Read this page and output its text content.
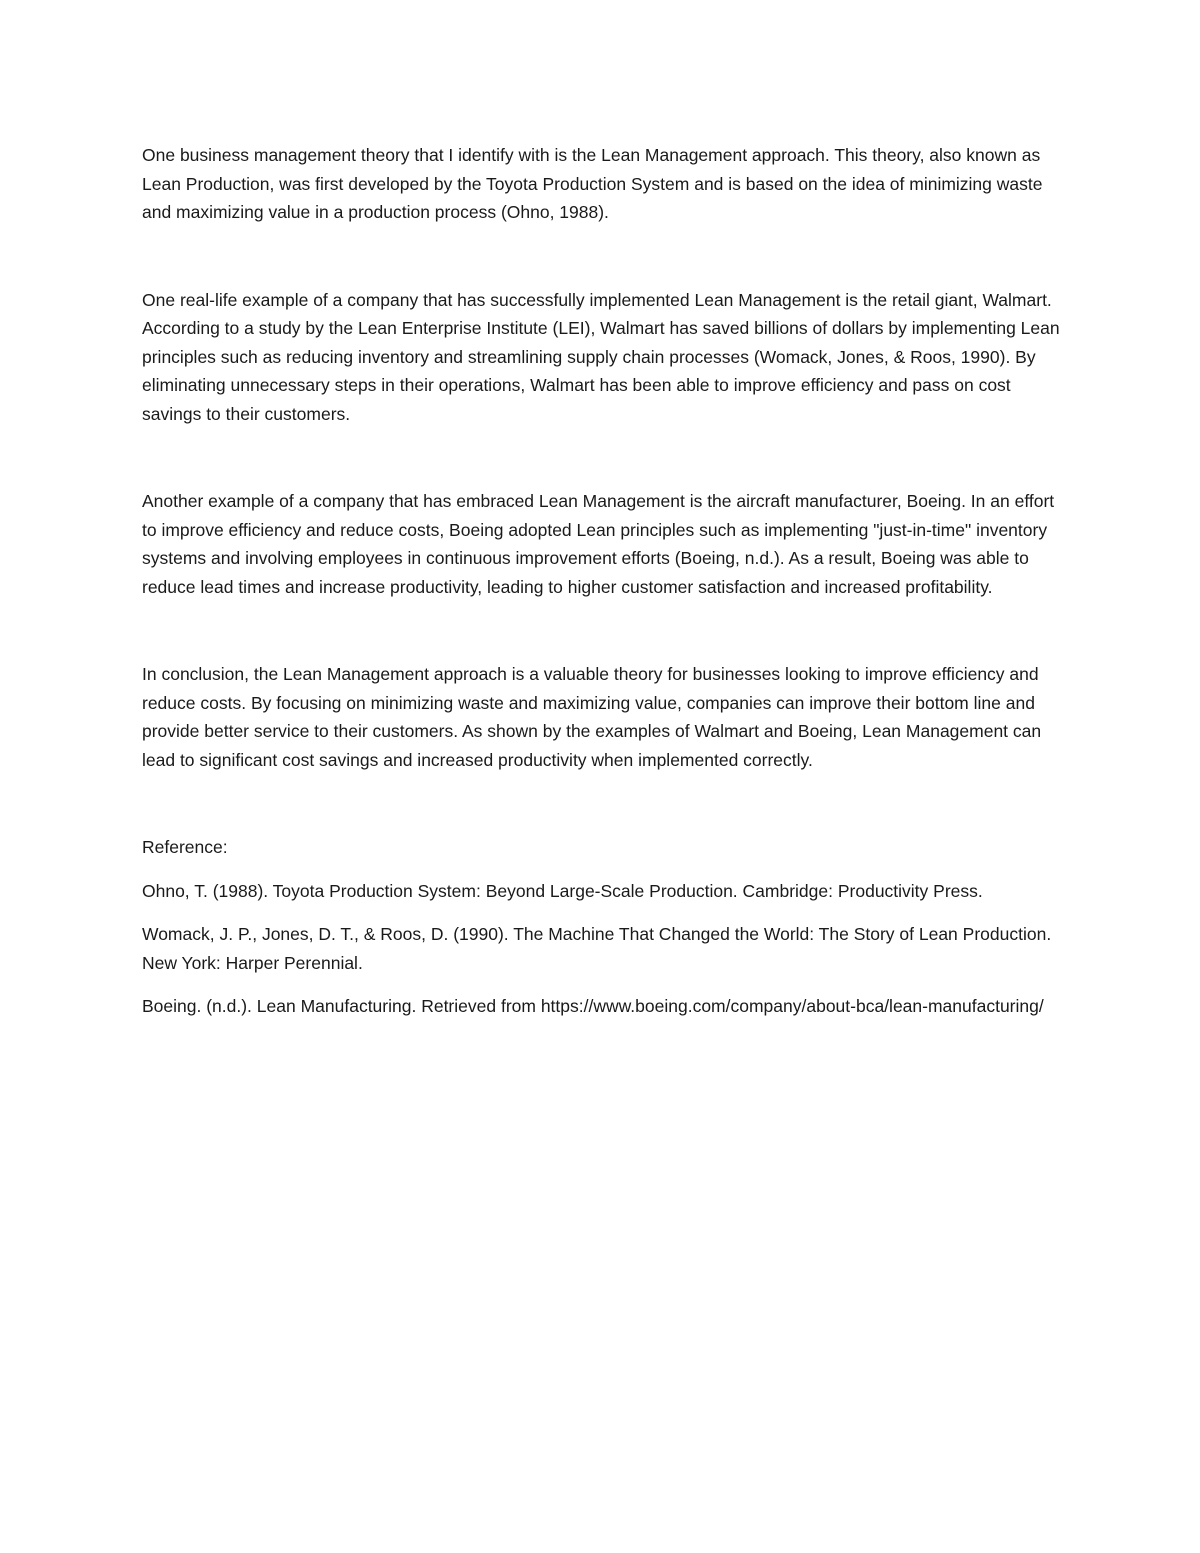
One business management theory that I identify with is the Lean Management approach. This theory, also known as Lean Production, was first developed by the Toyota Production System and is based on the idea of minimizing waste and maximizing value in a production process (Ohno, 1988).

One real-life example of a company that has successfully implemented Lean Management is the retail giant, Walmart. According to a study by the Lean Enterprise Institute (LEI), Walmart has saved billions of dollars by implementing Lean principles such as reducing inventory and streamlining supply chain processes (Womack, Jones, & Roos, 1990). By eliminating unnecessary steps in their operations, Walmart has been able to improve efficiency and pass on cost savings to their customers.

Another example of a company that has embraced Lean Management is the aircraft manufacturer, Boeing. In an effort to improve efficiency and reduce costs, Boeing adopted Lean principles such as implementing "just-in-time" inventory systems and involving employees in continuous improvement efforts (Boeing, n.d.). As a result, Boeing was able to reduce lead times and increase productivity, leading to higher customer satisfaction and increased profitability.

In conclusion, the Lean Management approach is a valuable theory for businesses looking to improve efficiency and reduce costs. By focusing on minimizing waste and maximizing value, companies can improve their bottom line and provide better service to their customers. As shown by the examples of Walmart and Boeing, Lean Management can lead to significant cost savings and increased productivity when implemented correctly.

Reference:

Ohno, T. (1988). Toyota Production System: Beyond Large-Scale Production. Cambridge: Productivity Press.

Womack, J. P., Jones, D. T., & Roos, D. (1990). The Machine That Changed the World: The Story of Lean Production. New York: Harper Perennial.

Boeing. (n.d.). Lean Manufacturing. Retrieved from https://www.boeing.com/company/about-bca/lean-manufacturing/
